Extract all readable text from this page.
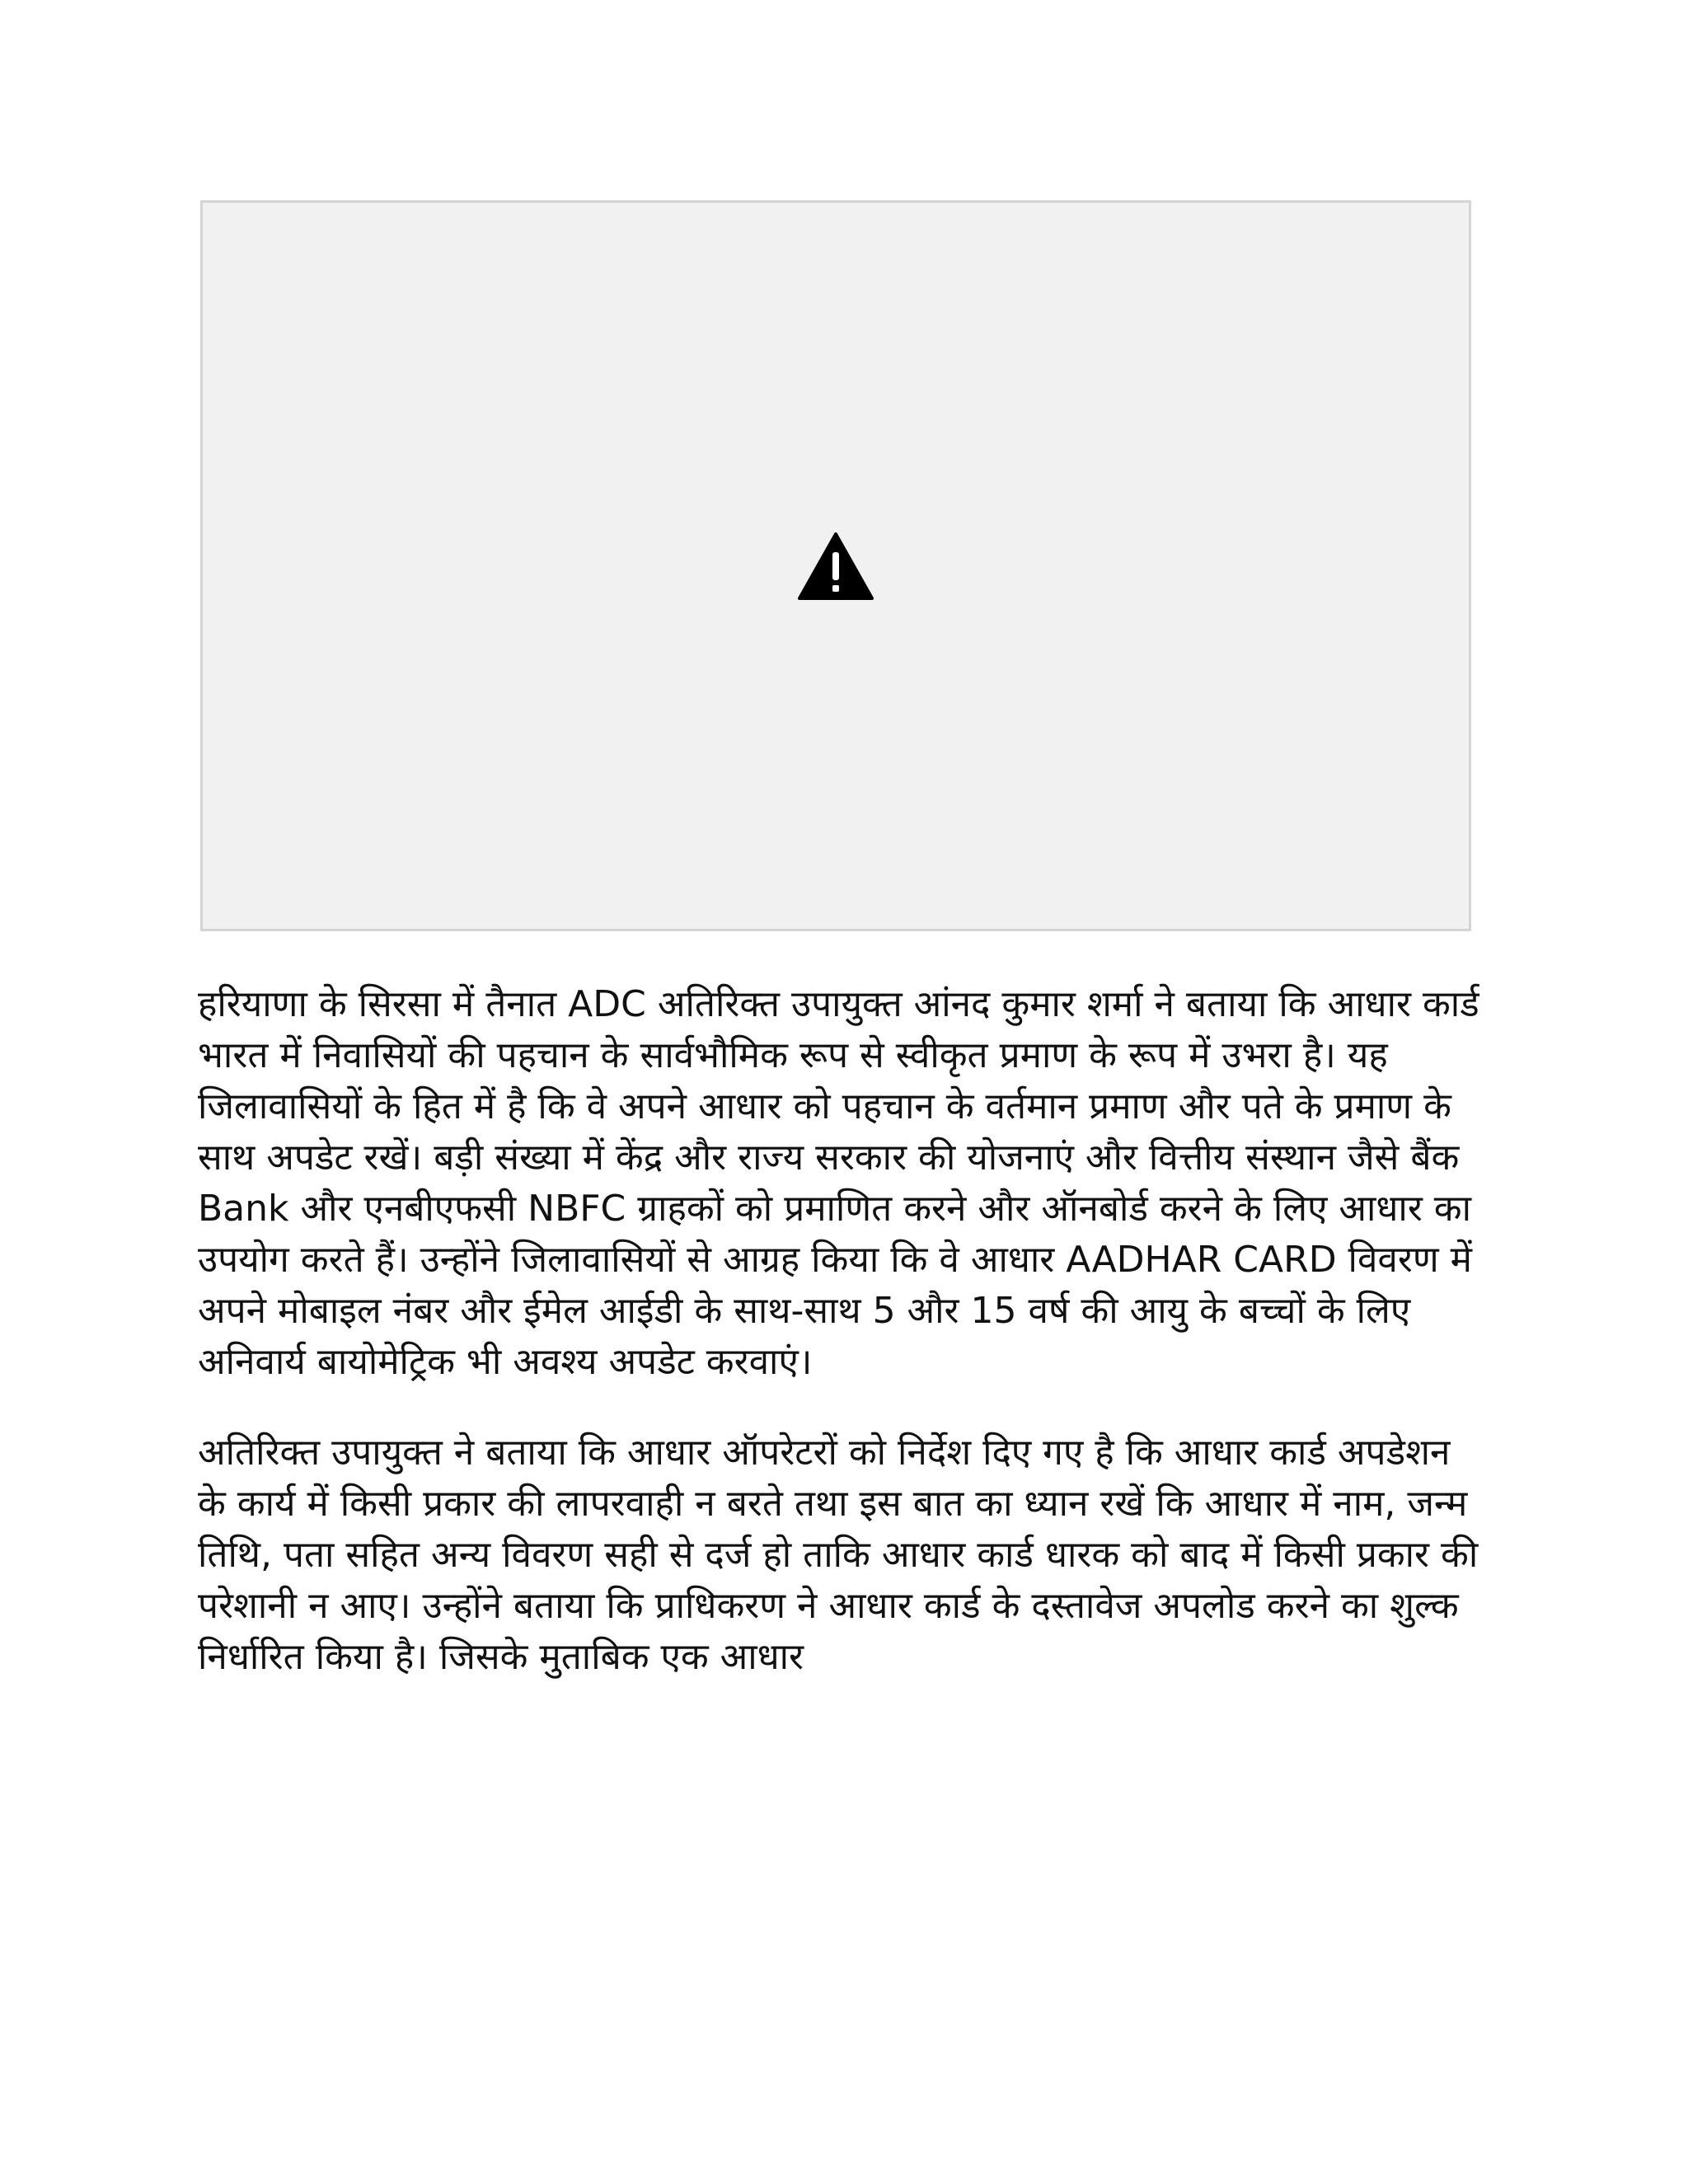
हरियाणा के सिरसा में तैनात ADC अतिरिक्त उपायुक्त आंनद कुमार शर्मा ने बताया कि आधार कार्ड भारत में निवासियों की पहचान के सार्वभौमिक रूप से स्वीकृत प्रमाण के रूप में उभरा है। यह जिलावासियों के हित में है कि वे अपने आधार को पहचान के वर्तमान प्रमाण और पते के प्रमाण के साथ अपडेट रखें। बड़ी संख्या में केंद्र और राज्य सरकार की योजनाएं और वित्तीय संस्थान जैसे बैंक Bank और एनबीएफसी NBFC ग्राहकों को प्रमाणित करने और ऑनबोर्ड करने के लिए आधार का उपयोग करते हैं। उन्होंने जिलावासियों से आग्रह किया कि वे आधार AADHAR CARD विवरण में अपने मोबाइल नंबर और ईमेल आईडी के साथ-साथ 5 और 15 वर्ष की आयु के बच्चों के लिए अनिवार्य बायोमेट्रिक भी अवश्य अपडेट करवाएं।

अतिरिक्त उपायुक्त ने बताया कि आधार ऑपरेटरों को निर्देश दिए गए है कि आधार कार्ड अपडेशन के कार्य में किसी प्रकार की लापरवाही न बरते तथा इस बात का ध्यान रखें कि आधार में नाम, जन्म तिथि, पता सहित अन्य विवरण सही से दर्ज हो ताकि आधार कार्ड धारक को बाद में किसी प्रकार की परेशानी न आए। उन्होंने बताया कि प्राधिकरण ने आधार कार्ड के दस्तावेज अपलोड करने का शुल्क निर्धारित किया है। जिसके मुताबिक एक आधार
